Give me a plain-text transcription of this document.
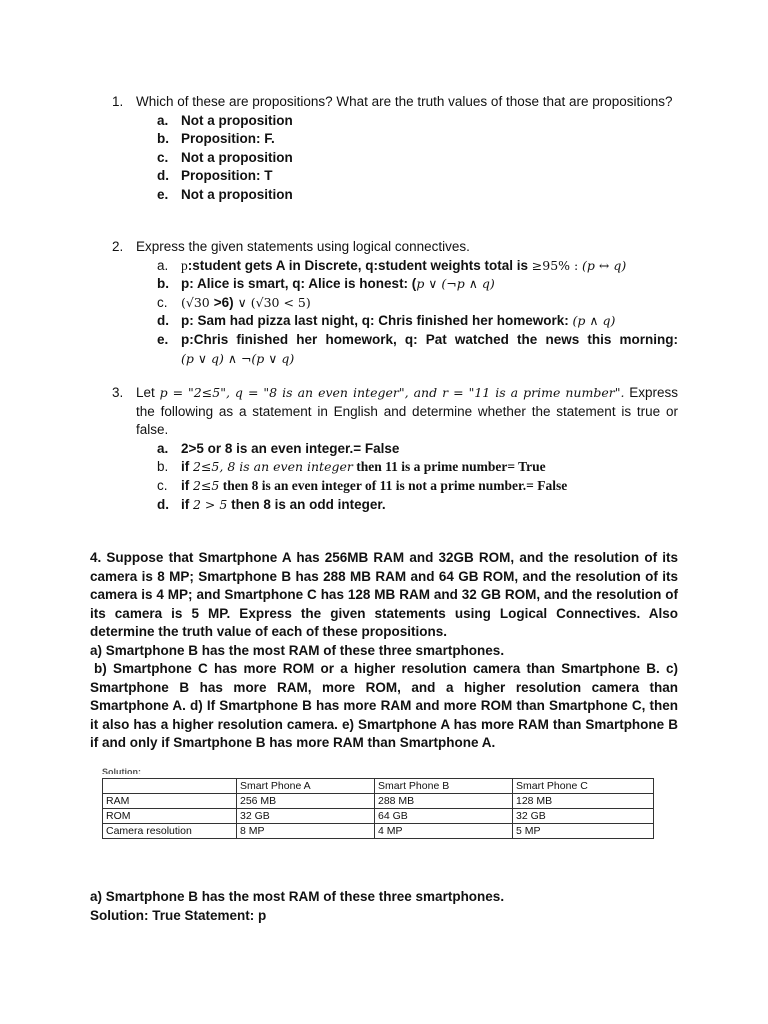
1. Which of these are propositions? What are the truth values of those that are propositions?
a. Not a proposition
b. Proposition: F.
c. Not a proposition
d. Proposition: T
e. Not a proposition
2. Express the given statements using logical connectives.
a. p:student gets A in Discrete, q:student weights total is ≥95% : (p ↔ q)
b. p: Alice is smart, q: Alice is honest: (p ∨ (¬p ∧ q)
c. (√30 >6) ∨ (√30 < 5)
d. p: Sam had pizza last night, q: Chris finished her homework: (p ∧ q)
e. p:Chris finished her homework, q: Pat watched the news this morning:
(p ∨ q) ∧ ¬(p ∨ q)
3. Let p = "2≤5", q = "8 is an even integer", and r = "11 is a prime number". Express the following as a statement in English and determine whether the statement is true or false.
a. 2>5 or 8 is an even integer.= False
b. if 2≤5, 8 is an even integer then 11 is a prime number= True
c. if 2≤5 then 8 is an even integer of 11 is not a prime number.= False
d. if 2 > 5 then 8 is an odd integer.

4. Suppose that Smartphone A has 256MB RAM and 32GB ROM, and the resolution of its camera is 8 MP; Smartphone B has 288 MB RAM and 64 GB ROM, and the resolution of its camera is 4 MP; and Smartphone C has 128 MB RAM and 32 GB ROM, and the resolution of its camera is 5 MP. Express the given statements using Logical Connectives. Also determine the truth value of each of these propositions.

a) Smartphone B has the most RAM of these three smartphones.

b) Smartphone C has more ROM or a higher resolution camera than Smartphone B. c) Smartphone B has more RAM, more ROM, and a higher resolution camera than Smartphone A. d) If Smartphone B has more RAM and more ROM than Smartphone C, then it also has a higher resolution camera. e) Smartphone A has more RAM than Smartphone B if and only if Smartphone B has more RAM than Smartphone A.

Solution:
	Smart Phone A	Smart Phone B	Smart Phone C
RAM	256 MB	288 MB	128 MB
ROM	32 GB	64 GB	32 GB
Camera resolution	8 MP	4 MP	5 MP

a) Smartphone B has the most RAM of these three smartphones.

Solution: True Statement: p
